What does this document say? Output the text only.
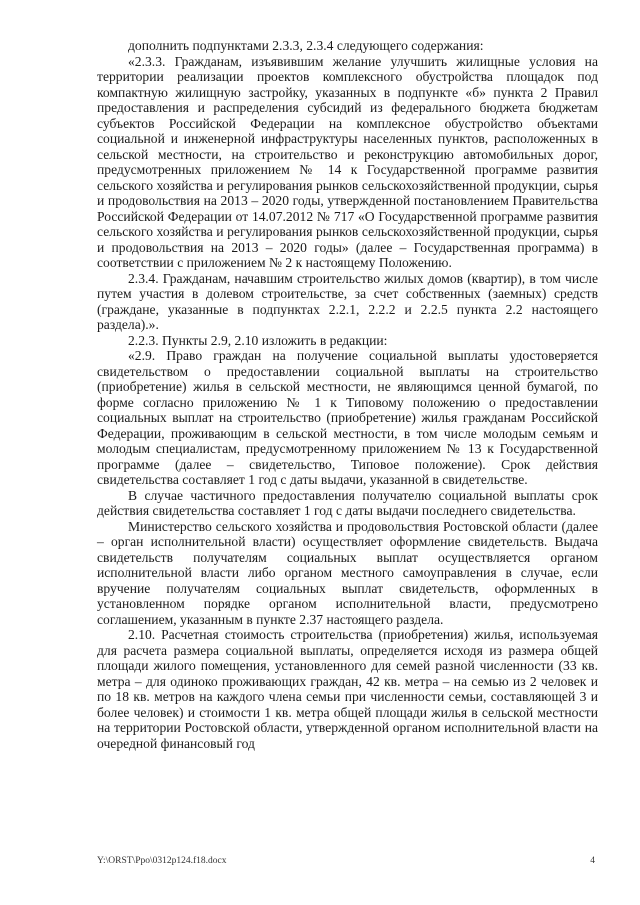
дополнить подпунктами 2.3.3, 2.3.4 следующего содержания:

«2.3.3. Гражданам, изъявившим желание улучшить жилищные условия на территории реализации проектов комплексного обустройства площадок под компактную жилищную застройку, указанных в подпункте «б» пункта 2 Правил предоставления и распределения субсидий из федерального бюджета бюджетам субъектов Российской Федерации на комплексное обустройство объектами социальной и инженерной инфраструктуры населенных пунктов, расположенных в сельской местности, на строительство и реконструкцию автомобильных дорог, предусмотренных приложением № 14 к Государственной программе развития сельского хозяйства и регулирования рынков сельскохозяйственной продукции, сырья и продовольствия на 2013 – 2020 годы, утвержденной постановлением Правительства Российской Федерации от 14.07.2012 № 717 «О Государственной программе развития сельского хозяйства и регулирования рынков сельскохозяйственной продукции, сырья и продовольствия на 2013 – 2020 годы» (далее – Государственная программа) в соответствии с приложением № 2 к настоящему Положению.

2.3.4. Гражданам, начавшим строительство жилых домов (квартир), в том числе путем участия в долевом строительстве, за счет собственных (заемных) средств (граждане, указанные в подпунктах 2.2.1, 2.2.2 и 2.2.5 пункта 2.2 настоящего раздела).».

2.2.3. Пункты 2.9, 2.10 изложить в редакции:

«2.9. Право граждан на получение социальной выплаты удостоверяется свидетельством о предоставлении социальной выплаты на строительство (приобретение) жилья в сельской местности, не являющимся ценной бумагой, по форме согласно приложению № 1 к Типовому положению о предоставлении социальных выплат на строительство (приобретение) жилья гражданам Российской Федерации, проживающим в сельской местности, в том числе молодым семьям и молодым специалистам, предусмотренному приложением № 13 к Государственной программе (далее – свидетельство, Типовое положение). Срок действия свидетельства составляет 1 год с даты выдачи, указанной в свидетельстве.

В случае частичного предоставления получателю социальной выплаты срок действия свидетельства составляет 1 год с даты выдачи последнего свидетельства.

Министерство сельского хозяйства и продовольствия Ростовской области (далее – орган исполнительной власти) осуществляет оформление свидетельств. Выдача свидетельств получателям социальных выплат осуществляется органом исполнительной власти либо органом местного самоуправления в случае, если вручение получателям социальных выплат свидетельств, оформленных в установленном порядке органом исполнительной власти, предусмотрено соглашением, указанным в пункте 2.37 настоящего раздела.

2.10. Расчетная стоимость строительства (приобретения) жилья, используемая для расчета размера социальной выплаты, определяется исходя из размера общей площади жилого помещения, установленного для семей разной численности (33 кв. метра – для одиноко проживающих граждан, 42 кв. метра – на семью из 2 человек и по 18 кв. метров на каждого члена семьи при численности семьи, составляющей 3 и более человек) и стоимости 1 кв. метра общей площади жилья в сельской местности на территории Ростовской области, утвержденной органом исполнительной власти на очередной финансовый год

Y:\ORST\Ppo\0312p124.f18.docx	4
